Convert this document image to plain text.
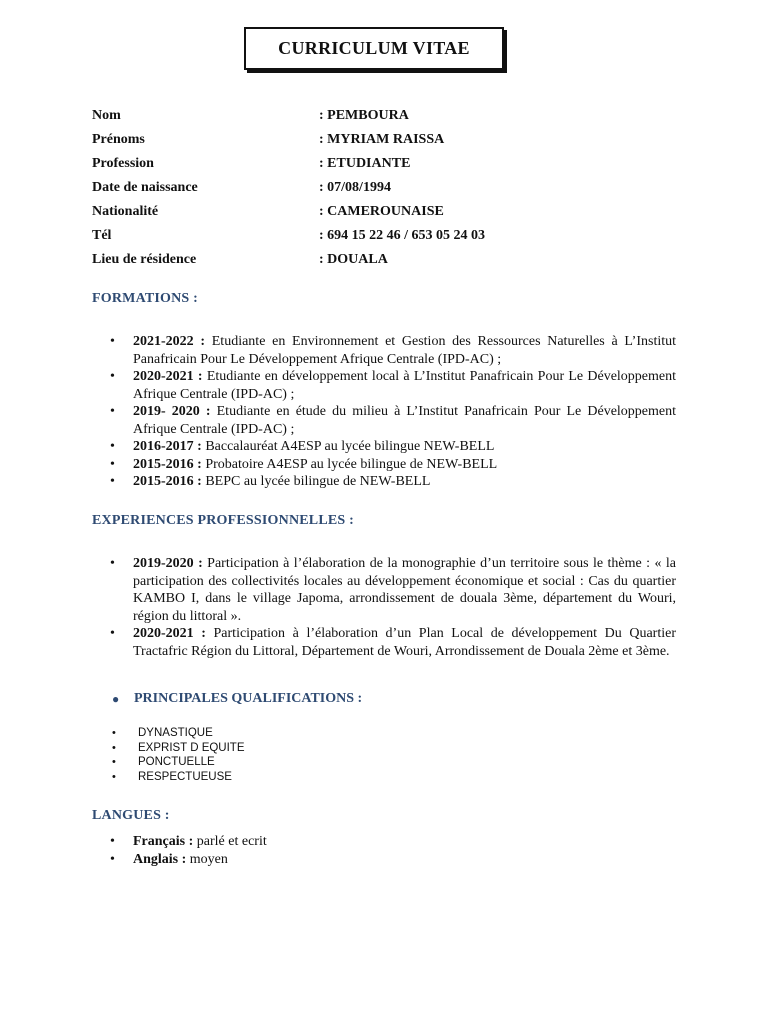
CURRICULUM VITAE
Nom	: PEMBOURA
Prénoms	: MYRIAM RAISSA
Profession	: ETUDIANTE
Date de naissance	: 07/08/1994
Nationalité	: CAMEROUNAISE
Tél	: 694 15 22 46 / 653 05 24 03
Lieu de résidence	: DOUALA
FORMATIONS :
• 2021-2022 : Etudiante en Environnement et Gestion des Ressources Naturelles à L’Institut Panafricain Pour Le Développement Afrique Centrale (IPD-AC) ;
• 2020-2021 : Etudiante en développement local à L’Institut Panafricain Pour Le Développement Afrique Centrale (IPD-AC) ;
• 2019- 2020 : Etudiante en étude du milieu à L’Institut Panafricain Pour Le Développement Afrique Centrale (IPD-AC) ;
• 2016-2017 : Baccalauréat A4ESP au lycée bilingue NEW-BELL
• 2015-2016 : Probatoire A4ESP au lycée bilingue de NEW-BELL
• 2015-2016 : BEPC au lycée bilingue de NEW-BELL
EXPERIENCES PROFESSIONNELLES :
• 2019-2020 : Participation à l’élaboration de la monographie d’un territoire sous le thème : « la participation des collectivités locales au développement économique et social : Cas du quartier KAMBO I, dans le village Japoma, arrondissement de douala 3ème, département du Wouri, région du littoral ».
• 2020-2021 : Participation à l’élaboration d’un Plan Local de développement Du Quartier Tractafric Région du Littoral, Département de Wouri, Arrondissement de Douala 2ème et 3ème.
●	PRINCIPALES QUALIFICATIONS :
• DYNASTIQUE
• EXPRIST D EQUITE
• PONCTUELLE
• RESPECTUEUSE
LANGUES :
• Français : parlé et ecrit
• Anglais : moyen
